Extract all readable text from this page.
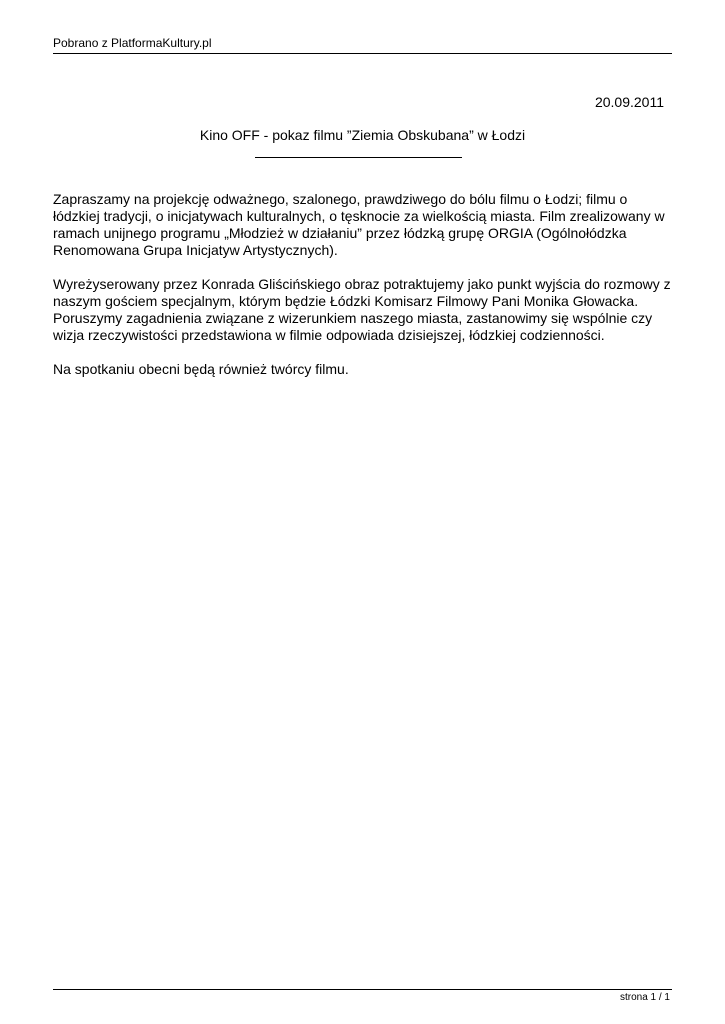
Pobrano z PlatformaKultury.pl
20.09.2011
Kino OFF - pokaz filmu ”Ziemia Obskubana” w Łodzi

Zapraszamy na projekcję odważnego, szalonego, prawdziwego do bólu filmu o Łodzi; filmu o łódzkiej tradycji, o inicjatywach kulturalnych, o tęsknocie za wielkością miasta. Film zrealizowany w ramach unijnego programu „Młodzież w działaniu” przez łódzką grupę ORGIA (Ogólnołódzka Renomowana Grupa Inicjatyw Artystycznych).

Wyreżyserowany przez Konrada Gliścińskiego obraz potraktujemy jako punkt wyjścia do rozmowy z naszym gościem specjalnym, którym będzie Łódzki Komisarz Filmowy Pani Monika Głowacka. Poruszymy zagadnienia związane z wizerunkiem naszego miasta, zastanowimy się wspólnie czy wizja rzeczywistości przedstawiona w filmie odpowiada dzisiejszej, łódzkiej codzienności.

Na spotkaniu obecni będą również twórcy filmu.

strona 1 / 1
